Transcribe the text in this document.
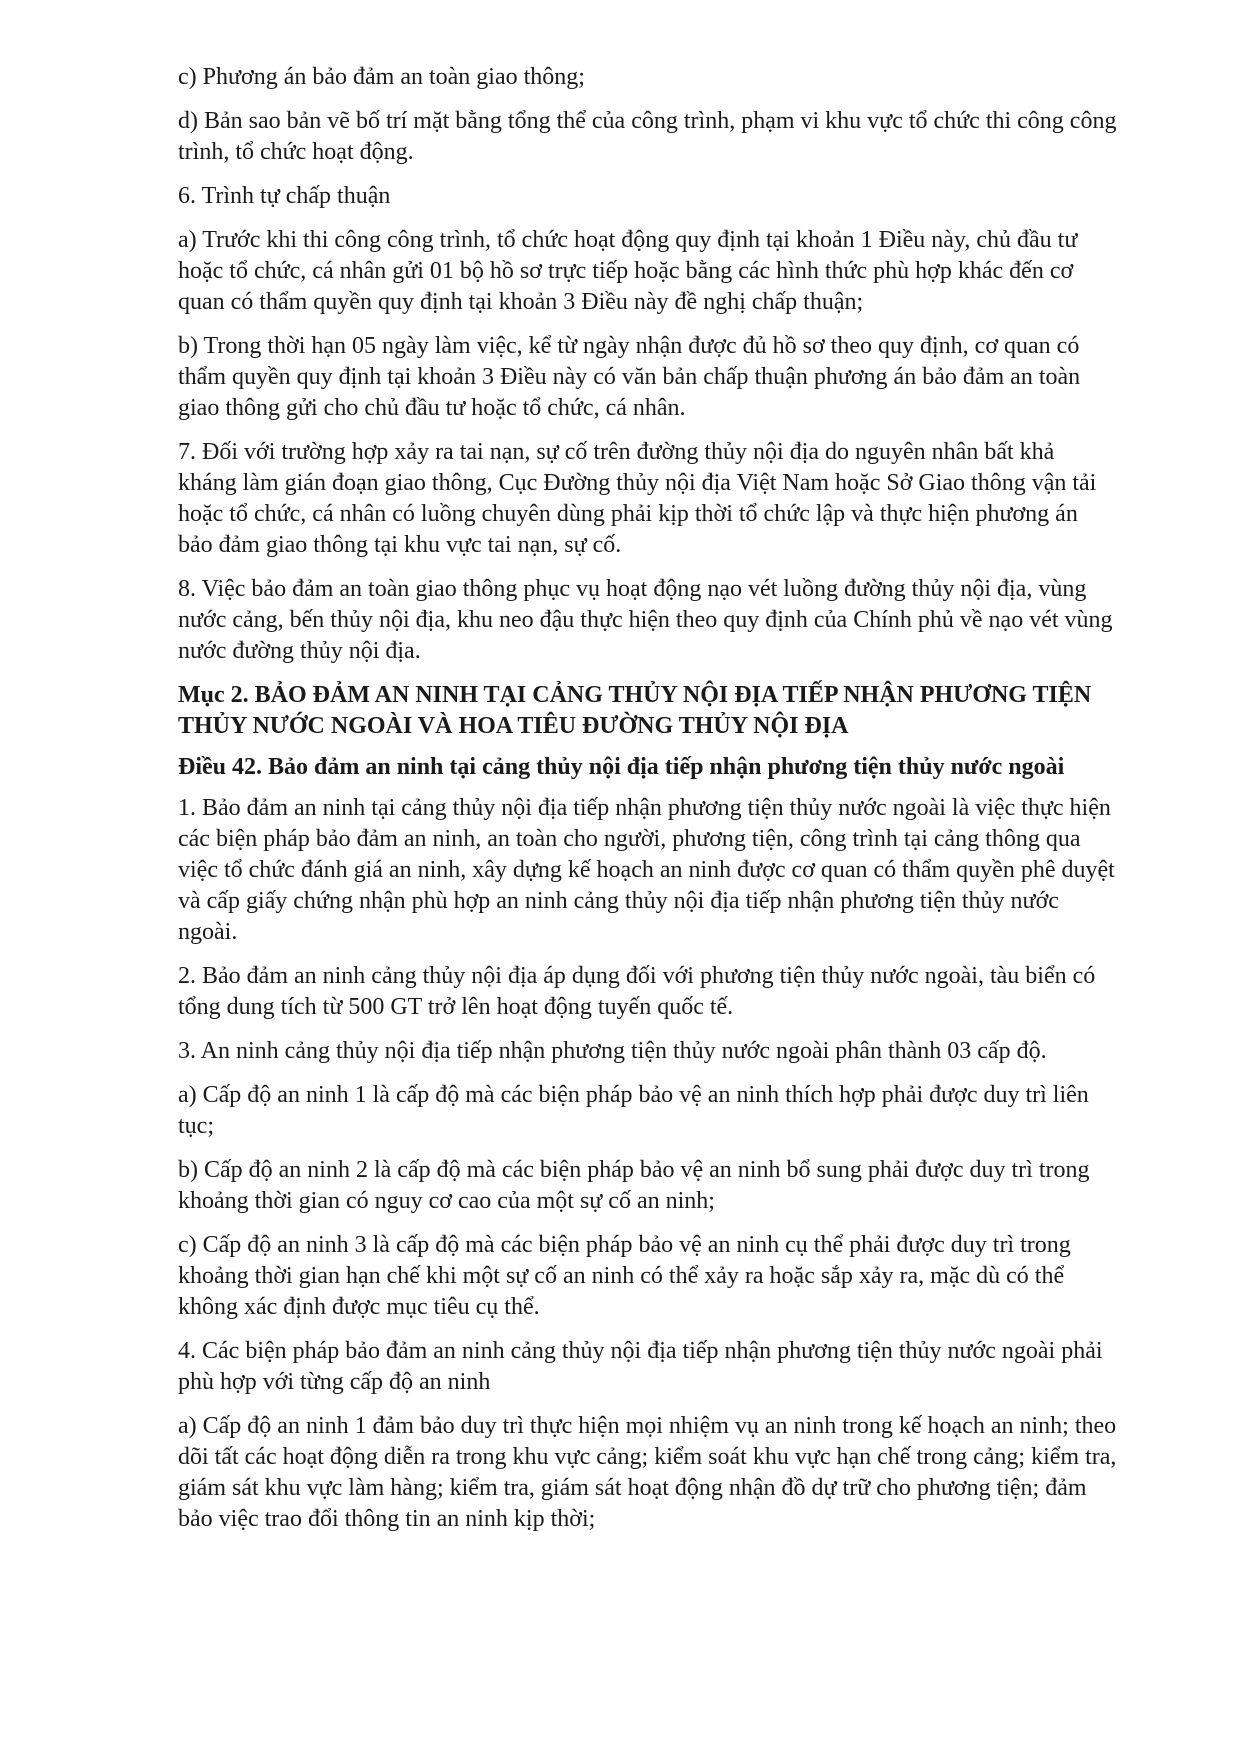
c) Phương án bảo đảm an toàn giao thông;

d) Bản sao bản vẽ bố trí mặt bằng tổng thể của công trình, phạm vi khu vực tổ chức thi công công trình, tổ chức hoạt động.

6. Trình tự chấp thuận

a) Trước khi thi công công trình, tổ chức hoạt động quy định tại khoản 1 Điều này, chủ đầu tư hoặc tổ chức, cá nhân gửi 01 bộ hồ sơ trực tiếp hoặc bằng các hình thức phù hợp khác đến cơ quan có thẩm quyền quy định tại khoản 3 Điều này đề nghị chấp thuận;

b) Trong thời hạn 05 ngày làm việc, kể từ ngày nhận được đủ hồ sơ theo quy định, cơ quan có thẩm quyền quy định tại khoản 3 Điều này có văn bản chấp thuận phương án bảo đảm an toàn giao thông gửi cho chủ đầu tư hoặc tổ chức, cá nhân.

7. Đối với trường hợp xảy ra tai nạn, sự cố trên đường thủy nội địa do nguyên nhân bất khả kháng làm gián đoạn giao thông, Cục Đường thủy nội địa Việt Nam hoặc Sở Giao thông vận tải hoặc tổ chức, cá nhân có luồng chuyên dùng phải kịp thời tổ chức lập và thực hiện phương án bảo đảm giao thông tại khu vực tai nạn, sự cố.

8. Việc bảo đảm an toàn giao thông phục vụ hoạt động nạo vét luồng đường thủy nội địa, vùng nước cảng, bến thủy nội địa, khu neo đậu thực hiện theo quy định của Chính phủ về nạo vét vùng nước đường thủy nội địa.

Mục 2. BẢO ĐẢM AN NINH TẠI CẢNG THỦY NỘI ĐỊA TIẾP NHẬN PHƯƠNG TIỆN THỦY NƯỚC NGOÀI VÀ HOA TIÊU ĐƯỜNG THỦY NỘI ĐỊA

Điều 42. Bảo đảm an ninh tại cảng thủy nội địa tiếp nhận phương tiện thủy nước ngoài

1. Bảo đảm an ninh tại cảng thủy nội địa tiếp nhận phương tiện thủy nước ngoài là việc thực hiện các biện pháp bảo đảm an ninh, an toàn cho người, phương tiện, công trình tại cảng thông qua việc tổ chức đánh giá an ninh, xây dựng kế hoạch an ninh được cơ quan có thẩm quyền phê duyệt và cấp giấy chứng nhận phù hợp an ninh cảng thủy nội địa tiếp nhận phương tiện thủy nước ngoài.

2. Bảo đảm an ninh cảng thủy nội địa áp dụng đối với phương tiện thủy nước ngoài, tàu biển có tổng dung tích từ 500 GT trở lên hoạt động tuyến quốc tế.

3. An ninh cảng thủy nội địa tiếp nhận phương tiện thủy nước ngoài phân thành 03 cấp độ.

a) Cấp độ an ninh 1 là cấp độ mà các biện pháp bảo vệ an ninh thích hợp phải được duy trì liên tục;

b) Cấp độ an ninh 2 là cấp độ mà các biện pháp bảo vệ an ninh bổ sung phải được duy trì trong khoảng thời gian có nguy cơ cao của một sự cố an ninh;

c) Cấp độ an ninh 3 là cấp độ mà các biện pháp bảo vệ an ninh cụ thể phải được duy trì trong khoảng thời gian hạn chế khi một sự cố an ninh có thể xảy ra hoặc sắp xảy ra, mặc dù có thể không xác định được mục tiêu cụ thể.

4. Các biện pháp bảo đảm an ninh cảng thủy nội địa tiếp nhận phương tiện thủy nước ngoài phải phù hợp với từng cấp độ an ninh

a) Cấp độ an ninh 1 đảm bảo duy trì thực hiện mọi nhiệm vụ an ninh trong kế hoạch an ninh; theo dõi tất các hoạt động diễn ra trong khu vực cảng; kiểm soát khu vực hạn chế trong cảng; kiểm tra, giám sát khu vực làm hàng; kiểm tra, giám sát hoạt động nhận đồ dự trữ cho phương tiện; đảm bảo việc trao đổi thông tin an ninh kịp thời;
